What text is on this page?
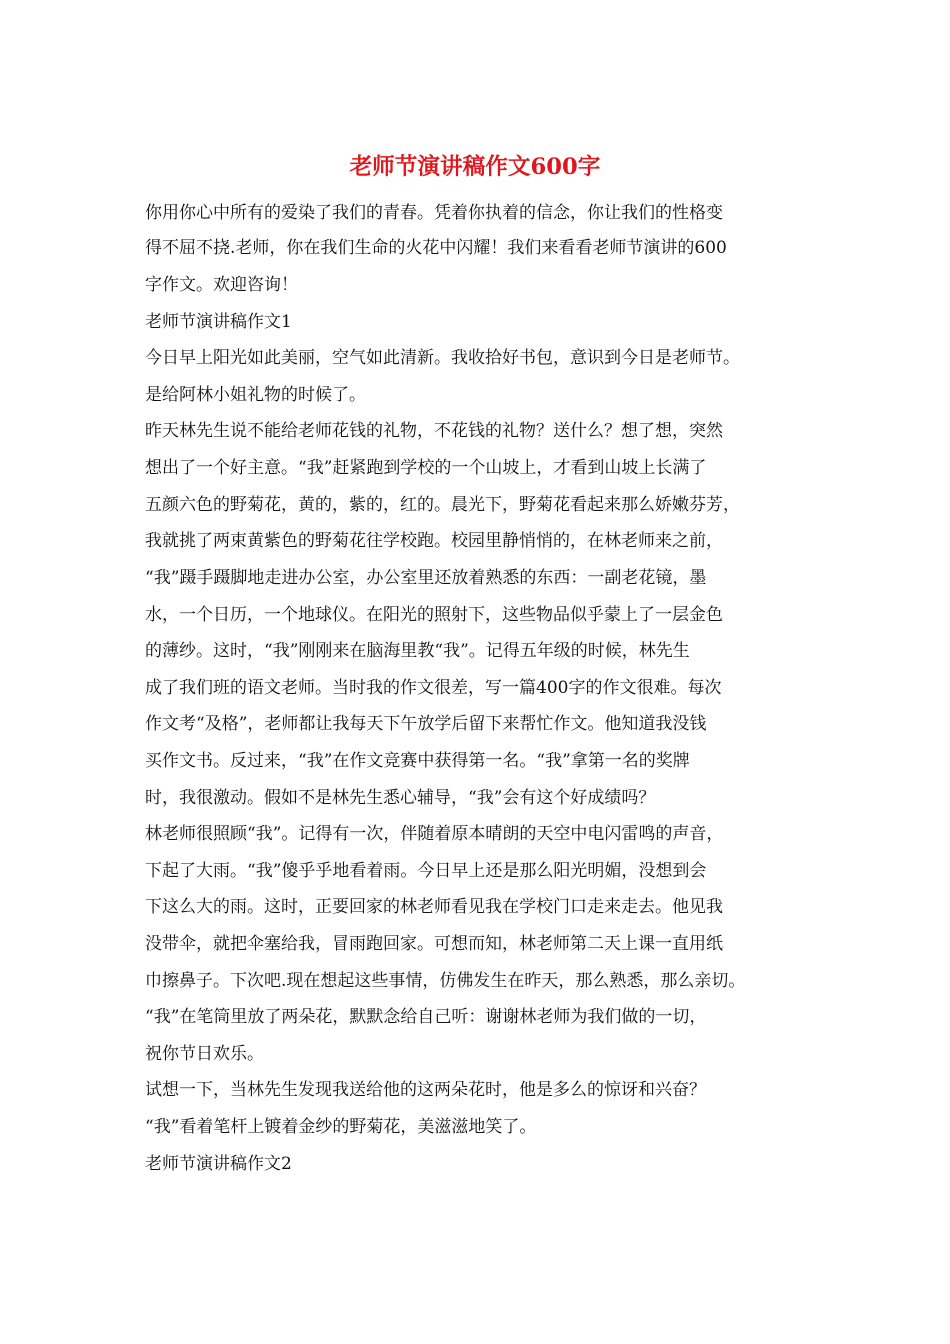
老师节演讲稿作文600字
你用你心中所有的爱染了我们的青春。凭着你执着的信念，你让我们的性格变
得不屈不挠.老师，你在我们生命的火花中闪耀！我们来看看老师节演讲的600
字作文。欢迎咨询！
老师节演讲稿作文1
今日早上阳光如此美丽，空气如此清新。我收拾好书包，意识到今日是老师节。
是给阿林小姐礼物的时候了。
昨天林先生说不能给老师花钱的礼物，不花钱的礼物？送什么？想了想，突然
想出了一个好主意。“我”赶紧跑到学校的一个山坡上，才看到山坡上长满了
五颜六色的野菊花，黄的，紫的，红的。晨光下，野菊花看起来那么娇嫩芬芳，
我就挑了两束黄紫色的野菊花往学校跑。校园里静悄悄的，在林老师来之前，
“我”蹑手蹑脚地走进办公室，办公室里还放着熟悉的东西：一副老花镜，墨
水，一个日历，一个地球仪。在阳光的照射下，这些物品似乎蒙上了一层金色
的薄纱。这时，“我”刚刚来在脑海里教“我”。记得五年级的时候，林先生
成了我们班的语文老师。当时我的作文很差，写一篇400字的作文很难。每次
作文考“及格”，老师都让我每天下午放学后留下来帮忙作文。他知道我没钱
买作文书。反过来，“我”在作文竞赛中获得第一名。“我”拿第一名的奖牌
时，我很激动。假如不是林先生悉心辅导，“我”会有这个好成绩吗？
林老师很照顾“我”。记得有一次，伴随着原本晴朗的天空中电闪雷鸣的声音，
下起了大雨。“我”傻乎乎地看着雨。今日早上还是那么阳光明媚，没想到会
下这么大的雨。这时，正要回家的林老师看见我在学校门口走来走去。他见我
没带伞，就把伞塞给我，冒雨跑回家。可想而知，林老师第二天上课一直用纸
巾擦鼻子。下次吧.现在想起这些事情，仿佛发生在昨天，那么熟悉，那么亲切。
“我”在笔筒里放了两朵花，默默念给自己听：谢谢林老师为我们做的一切，
祝你节日欢乐。
试想一下，当林先生发现我送给他的这两朵花时，他是多么的惊讶和兴奋？
“我”看着笔杆上镀着金纱的野菊花，美滋滋地笑了。
老师节演讲稿作文2
